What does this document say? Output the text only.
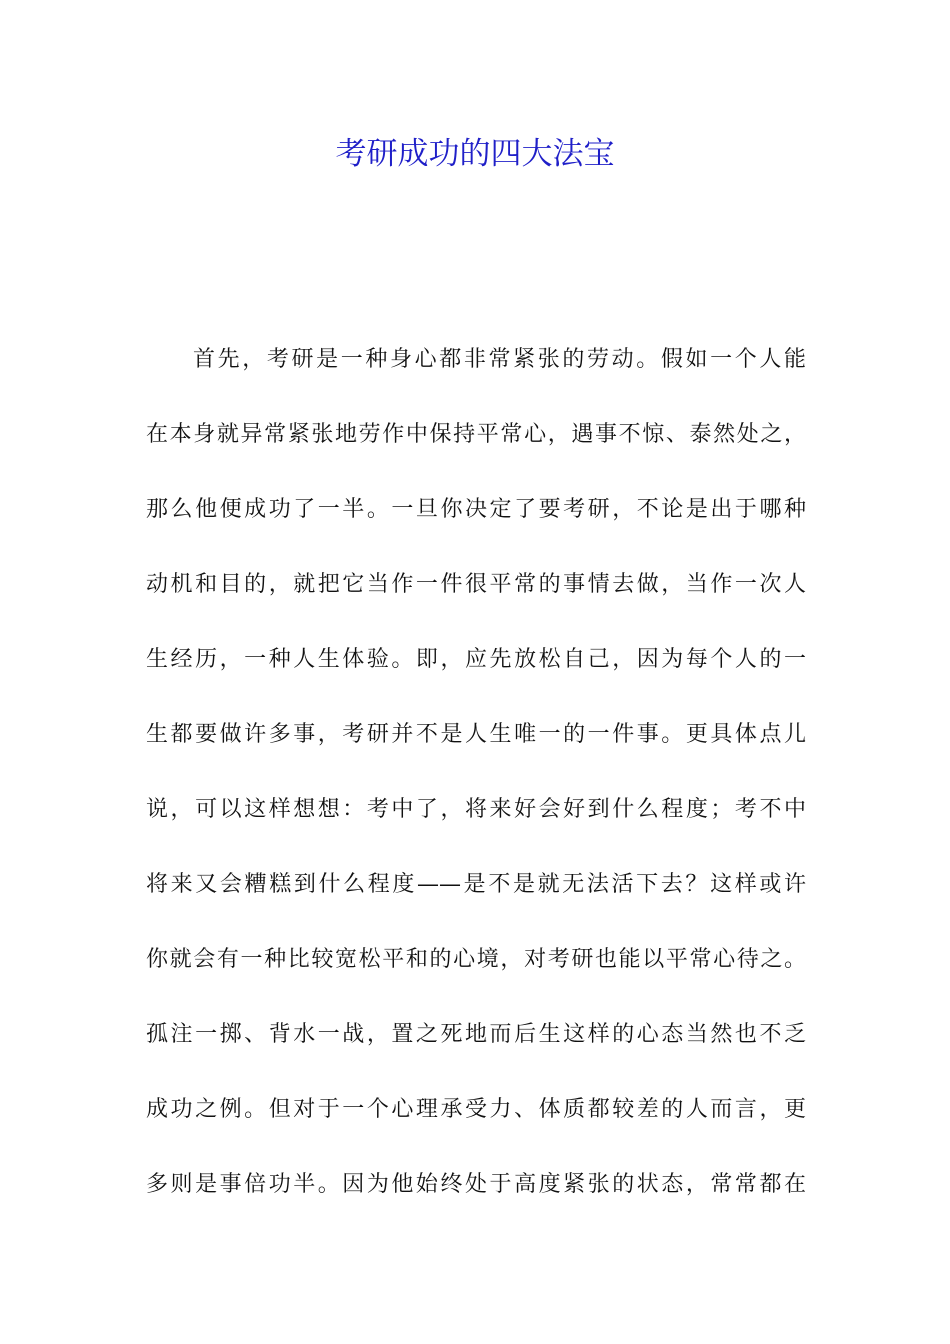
考研成功的四大法宝
首先，考研是一种身心都非常紧张的劳动。假如一个人能
在本身就异常紧张地劳作中保持平常心，遇事不惊、泰然处之，
那么他便成功了一半。一旦你决定了要考研，不论是出于哪种
动机和目的，就把它当作一件很平常的事情去做，当作一次人
生经历，一种人生体验。即，应先放松自己，因为每个人的一
生都要做许多事，考研并不是人生唯一的一件事。更具体点儿
说，可以这样想想：考中了，将来好会好到什么程度；考不中
将来又会糟糕到什么程度——是不是就无法活下去？这样或许
你就会有一种比较宽松平和的心境，对考研也能以平常心待之。
孤注一掷、背水一战，置之死地而后生这样的心态当然也不乏
成功之例。但对于一个心理承受力、体质都较差的人而言，更
多则是事倍功半。因为他始终处于高度紧张的状态，常常都在
